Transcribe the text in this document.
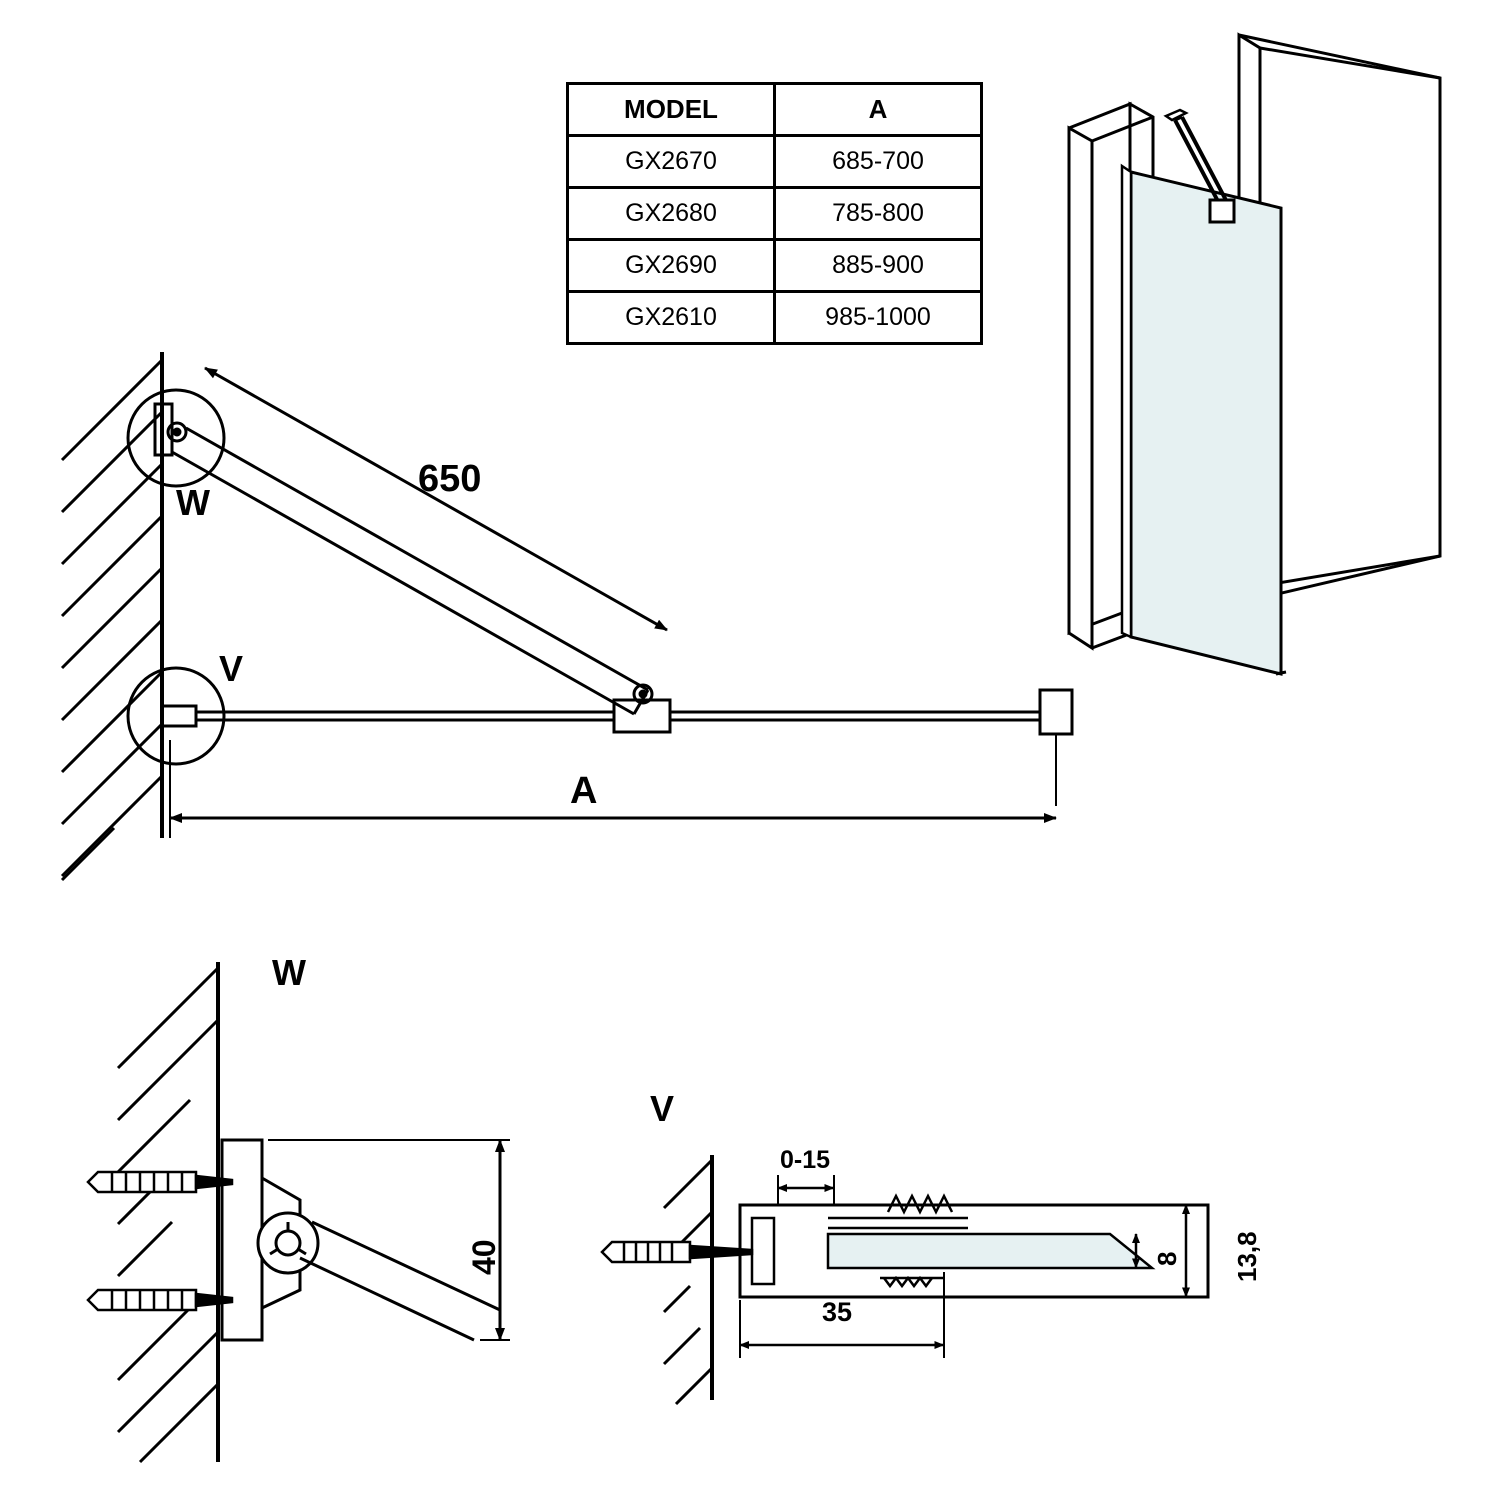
MODEL	A
GX2670	685-700
GX2680	785-800
GX2690	885-900
GX2610	985-1000
W
V
650
A
W
V
40
0-15
13,8
8
35
